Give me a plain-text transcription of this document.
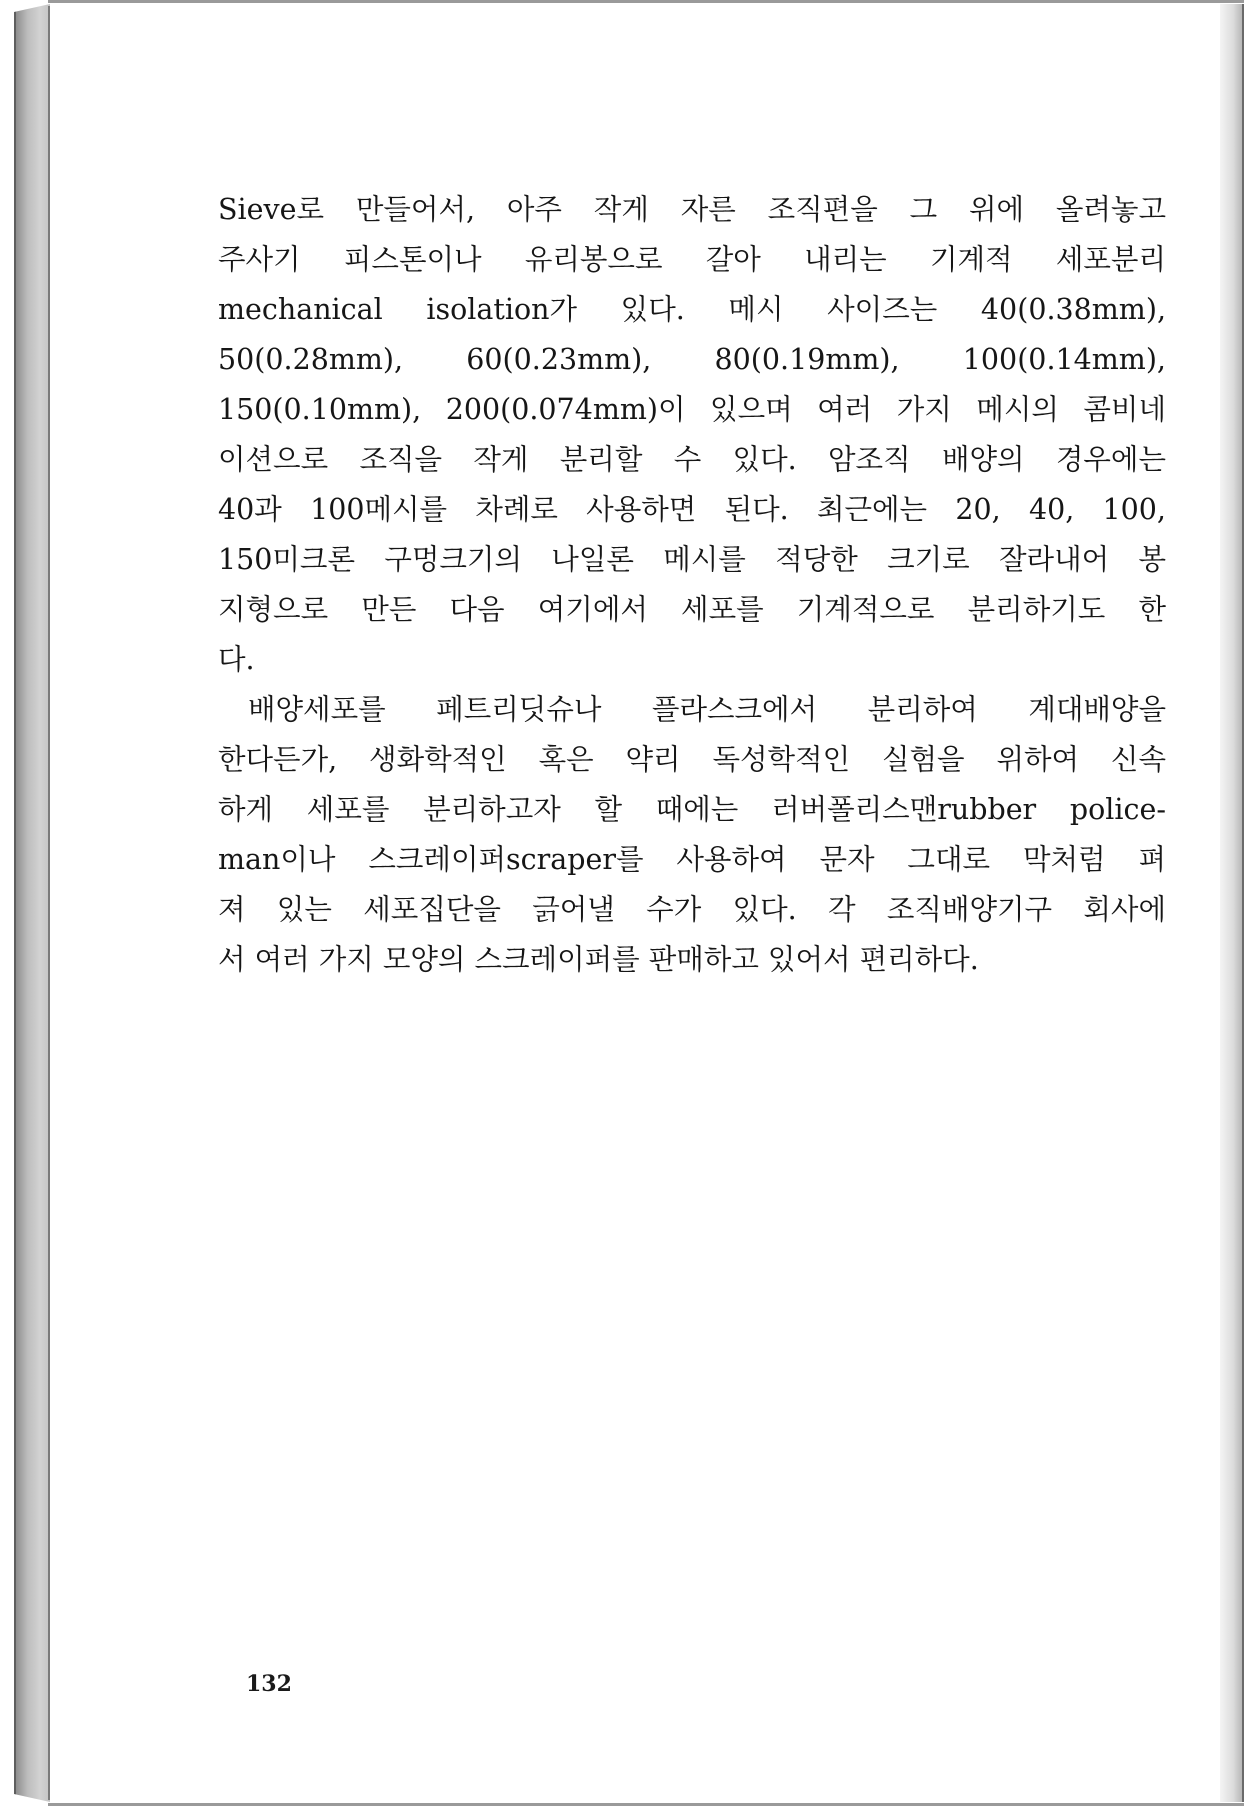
Sieve로 만들어서, 아주 작게 자른 조직편을 그 위에 올려놓고
주사기 피스톤이나 유리봉으로 갈아 내리는 기계적 세포분리
mechanical isolation가 있다. 메시 사이즈는 40(0.38mm),
50(0.28mm), 60(0.23mm), 80(0.19mm), 100(0.14mm),
150(0.10mm), 200(0.074mm)이 있으며 여러 가지 메시의 콤비네
이션으로 조직을 작게 분리할 수 있다. 암조직 배양의 경우에는
40과 100메시를 차례로 사용하면 된다. 최근에는 20, 40, 100,
150미크론 구멍크기의 나일론 메시를 적당한 크기로 잘라내어 봉
지형으로 만든 다음 여기에서 세포를 기계적으로 분리하기도 한
다.
배양세포를 페트리딧슈나 플라스크에서 분리하여 계대배양을
한다든가, 생화학적인 혹은 약리 독성학적인 실험을 위하여 신속
하게 세포를 분리하고자 할 때에는 러버폴리스맨rubber police-
man이나 스크레이퍼scraper를 사용하여 문자 그대로 막처럼 펴
져 있는 세포집단을 긁어낼 수가 있다. 각 조직배양기구 회사에
서 여러 가지 모양의 스크레이퍼를 판매하고 있어서 편리하다.
132
